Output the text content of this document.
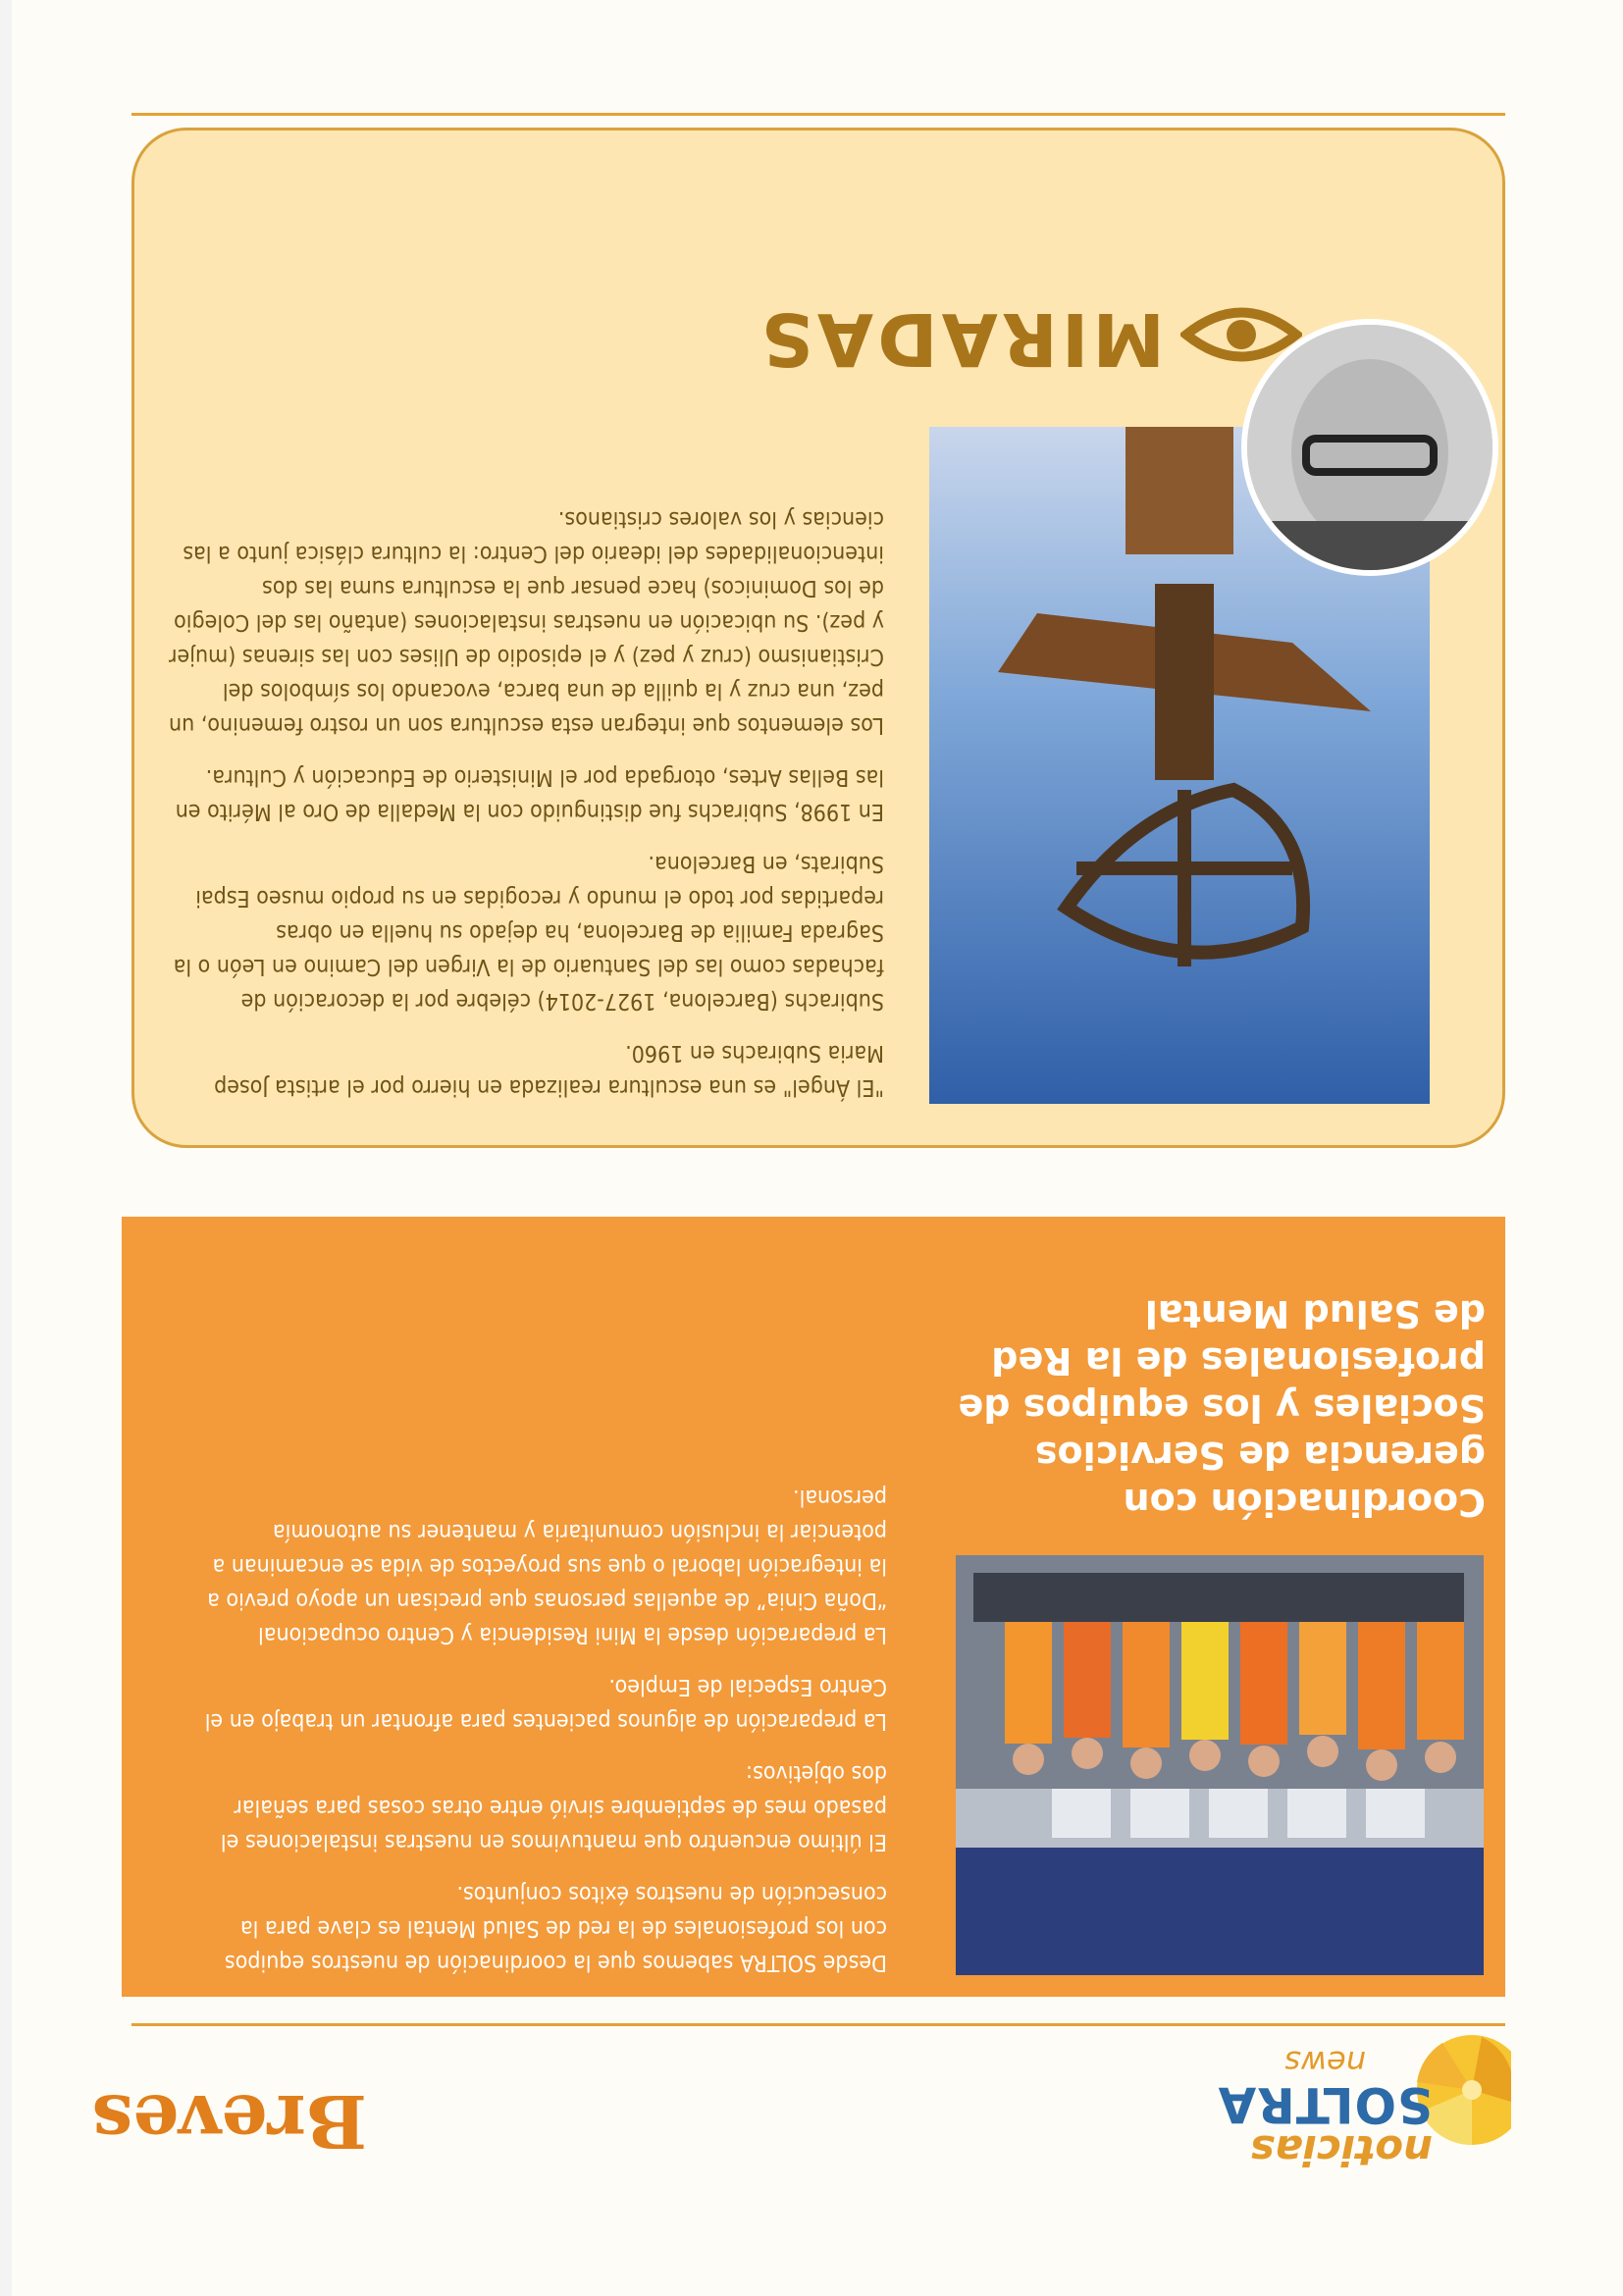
noticias
SOLTRA
news
Breves
Coordinación con gerencia de Servicios Sociales y los equipos de profesionales de la Red de Salud Mental

Desde SOLTRA sabemos que la coordinación de nuestros equipos con los profesionales de la red de Salud Mental es clave para la consecución de nuestros éxitos conjuntos.

El último encuentro que mantuvimos en nuestras instalaciones el pasado mes de septiembre sirvió entre otras cosas para señalar dos objetivos:

La preparación de algunos pacientes para afrontar un trabajo en el Centro Especial de Empleo.

La preparación desde la Mini Residencia y Centro ocupacional “Doña Cinia” de aquellas personas que precisan un apoyo previo a la integración laboral o que sus proyectos de vida se encaminan a potenciar la inclusión comunitaria y mantener su autonomía personal.

MIRADAS

"El Ángel" es una escultura realizada en hierro por el artista Josep Maria Subirachs en 1960.

Subirachs (Barcelona, 1927-2014) célebre por la decoración de fachadas como las del Santuario de la Virgen del Camino en León o la Sagrada Familia de Barcelona, ha dejado su huella en obras repartidas por todo el mundo y recogidas en su propio museo Espai Subirats, en Barcelona.

En 1998, Subirachs fue distinguido con la Medalla de Oro al Mérito en las Bellas Artes, otorgada por el Ministerio de Educación y Cultura.

Los elementos que integran esta escultura son un rostro femenino, un pez, una cruz y la quilla de una barca, evocando los símbolos del Cristianismo (cruz y pez) y el episodio de Ulises con las sirenas (mujer y pez). Su ubicación en nuestras instalaciones (antaño las del Colegio de los Dominicos) hace pensar que la escultura suma las dos intencionalidades del ideario del Centro: la cultura clásica junto a las ciencias y los valores cristianos.
